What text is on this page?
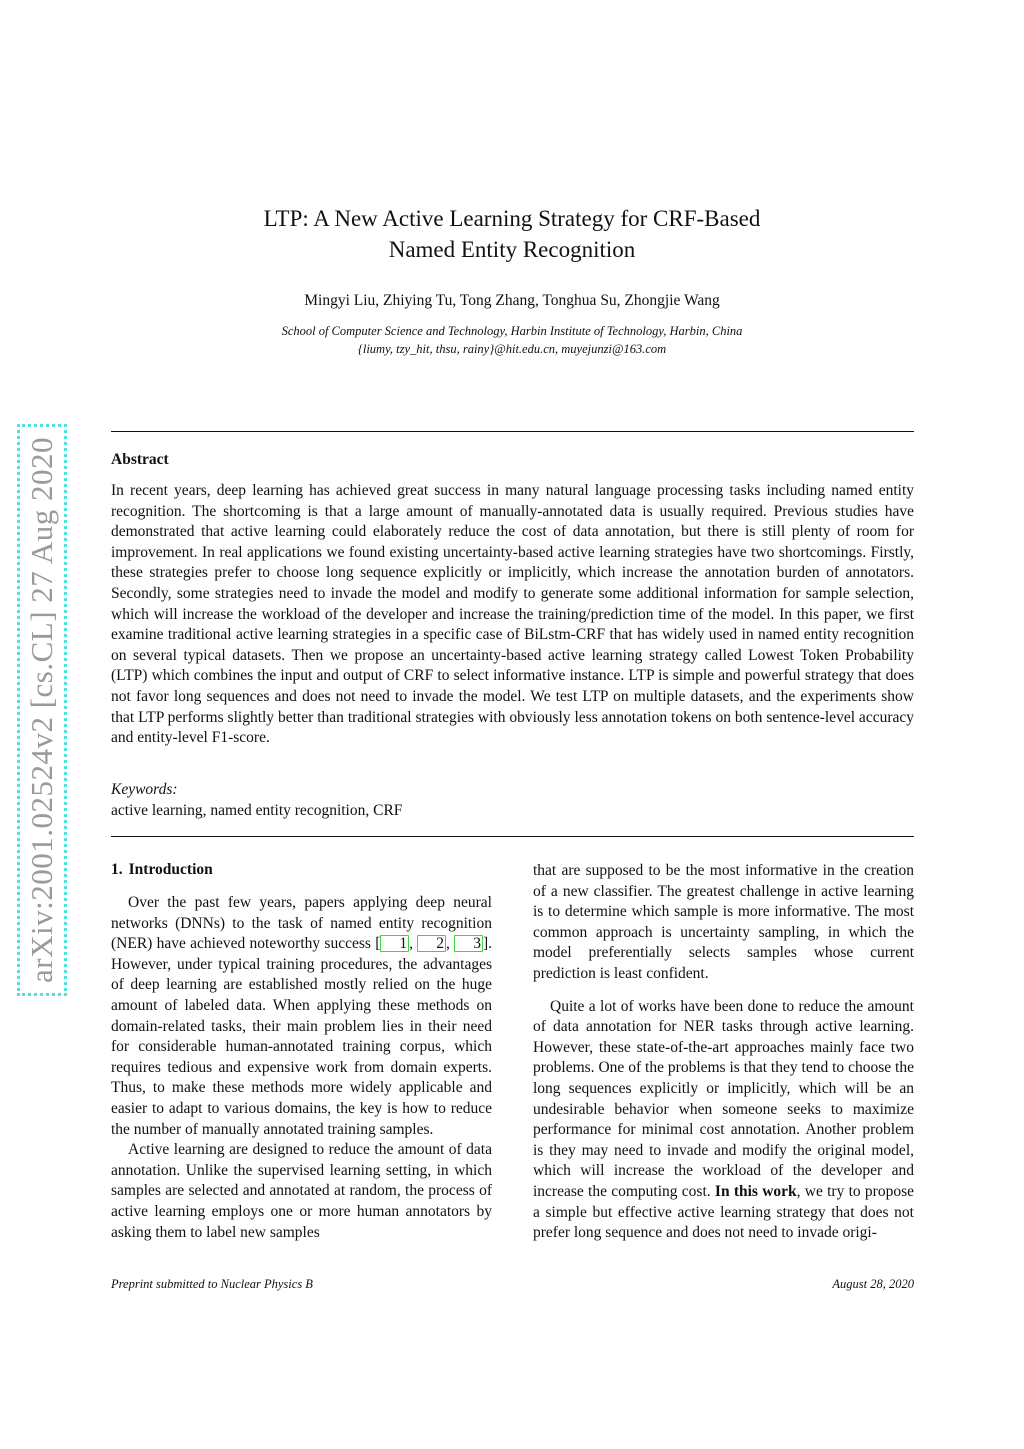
arXiv:2001.02524v2 [cs.CL] 27 Aug 2020
LTP: A New Active Learning Strategy for CRF-Based
Named Entity Recognition
Mingyi Liu, Zhiying Tu, Tong Zhang, Tonghua Su, Zhongjie Wang
School of Computer Science and Technology, Harbin Institute of Technology, Harbin, China
{liumy, tzy_hit, thsu, rainy}@hit.edu.cn, muyejunzi@163.com
Abstract
In recent years, deep learning has achieved great success in many natural language processing tasks including named entity recognition. The shortcoming is that a large amount of manually-annotated data is usually required. Previous studies have demonstrated that active learning could elaborately reduce the cost of data annotation, but there is still plenty of room for improvement. In real applications we found existing uncertainty-based active learning strategies have two shortcomings. Firstly, these strategies prefer to choose long sequence explicitly or implicitly, which increase the annotation burden of annotators. Secondly, some strategies need to invade the model and modify to generate some additional information for sample selection, which will increase the workload of the developer and increase the training/prediction time of the model. In this paper, we first examine traditional active learning strategies in a specific case of BiLstm-CRF that has widely used in named entity recognition on several typical datasets. Then we propose an uncertainty-based active learning strategy called Lowest Token Probability (LTP) which combines the input and output of CRF to select informative instance. LTP is simple and powerful strategy that does not favor long sequences and does not need to invade the model. We test LTP on multiple datasets, and the experiments show that LTP performs slightly better than traditional strategies with obviously less annotation tokens on both sentence-level accuracy and entity-level F1-score.
Keywords:
active learning, named entity recognition, CRF
1. Introduction

Over the past few years, papers applying deep neural networks (DNNs) to the task of named entity recognition (NER) have achieved noteworthy success [ 1 , 2 , 3 ]. However, under typical training procedures, the advantages of deep learning are established mostly relied on the huge amount of labeled data. When applying these methods on domain-related tasks, their main problem lies in their need for considerable human-annotated training corpus, which requires tedious and expensive work from domain experts. Thus, to make these methods more widely applicable and easier to adapt to various domains, the key is how to reduce the number of manually annotated training samples.

Active learning are designed to reduce the amount of data annotation. Unlike the supervised learning setting, in which samples are selected and annotated at random, the process of active learning employs one or more human annotators by asking them to label new samples

that are supposed to be the most informative in the creation of a new classifier. The greatest challenge in active learning is to determine which sample is more informative. The most common approach is uncertainty sampling, in which the model preferentially selects samples whose current prediction is least confident.

Quite a lot of works have been done to reduce the amount of data annotation for NER tasks through active learning. However, these state-of-the-art approaches mainly face two problems. One of the problems is that they tend to choose the long sequences explicitly or implicitly, which will be an undesirable behavior when someone seeks to maximize performance for minimal cost annotation. Another problem is they may need to invade and modify the original model, which will increase the workload of the developer and increase the computing cost. In this work, we try to propose a simple but effective active learning strategy that does not prefer long sequence and does not need to invade origi-

Preprint submitted to Nuclear Physics B	August 28, 2020
